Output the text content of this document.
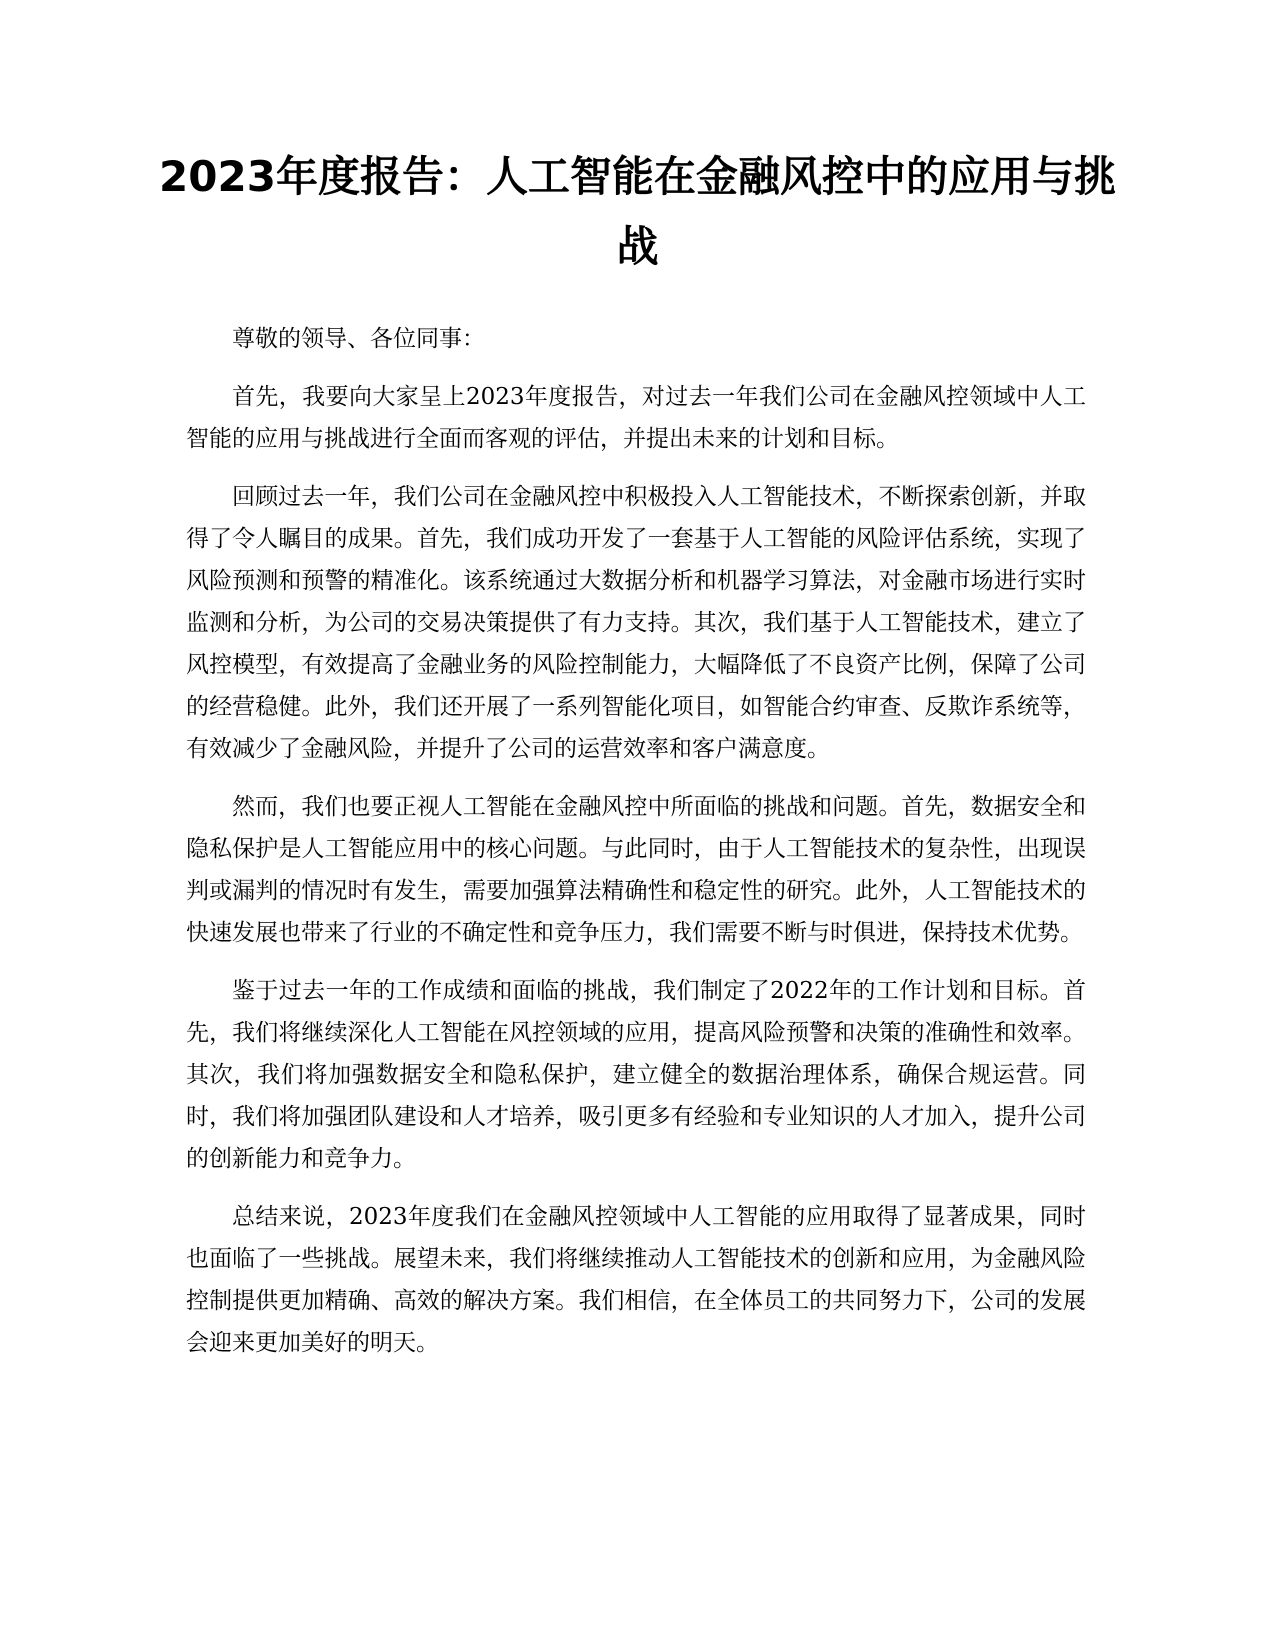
2023年度报告：人工智能在金融风控中的应用与挑战

尊敬的领导、各位同事：

首先，我要向大家呈上2023年度报告，对过去一年我们公司在金融风控领域中人工智能的应用与挑战进行全面而客观的评估，并提出未来的计划和目标。

回顾过去一年，我们公司在金融风控中积极投入人工智能技术，不断探索创新，并取得了令人瞩目的成果。首先，我们成功开发了一套基于人工智能的风险评估系统，实现了风险预测和预警的精准化。该系统通过大数据分析和机器学习算法，对金融市场进行实时监测和分析，为公司的交易决策提供了有力支持。其次，我们基于人工智能技术，建立了风控模型，有效提高了金融业务的风险控制能力，大幅降低了不良资产比例，保障了公司的经营稳健。此外，我们还开展了一系列智能化项目，如智能合约审查、反欺诈系统等，有效减少了金融风险，并提升了公司的运营效率和客户满意度。

然而，我们也要正视人工智能在金融风控中所面临的挑战和问题。首先，数据安全和隐私保护是人工智能应用中的核心问题。与此同时，由于人工智能技术的复杂性，出现误判或漏判的情况时有发生，需要加强算法精确性和稳定性的研究。此外，人工智能技术的快速发展也带来了行业的不确定性和竞争压力，我们需要不断与时俱进，保持技术优势。

鉴于过去一年的工作成绩和面临的挑战，我们制定了2022年的工作计划和目标。首先，我们将继续深化人工智能在风控领域的应用，提高风险预警和决策的准确性和效率。其次，我们将加强数据安全和隐私保护，建立健全的数据治理体系，确保合规运营。同时，我们将加强团队建设和人才培养，吸引更多有经验和专业知识的人才加入，提升公司的创新能力和竞争力。

总结来说，2023年度我们在金融风控领域中人工智能的应用取得了显著成果，同时也面临了一些挑战。展望未来，我们将继续推动人工智能技术的创新和应用，为金融风险控制提供更加精确、高效的解决方案。我们相信，在全体员工的共同努力下，公司的发展会迎来更加美好的明天。
